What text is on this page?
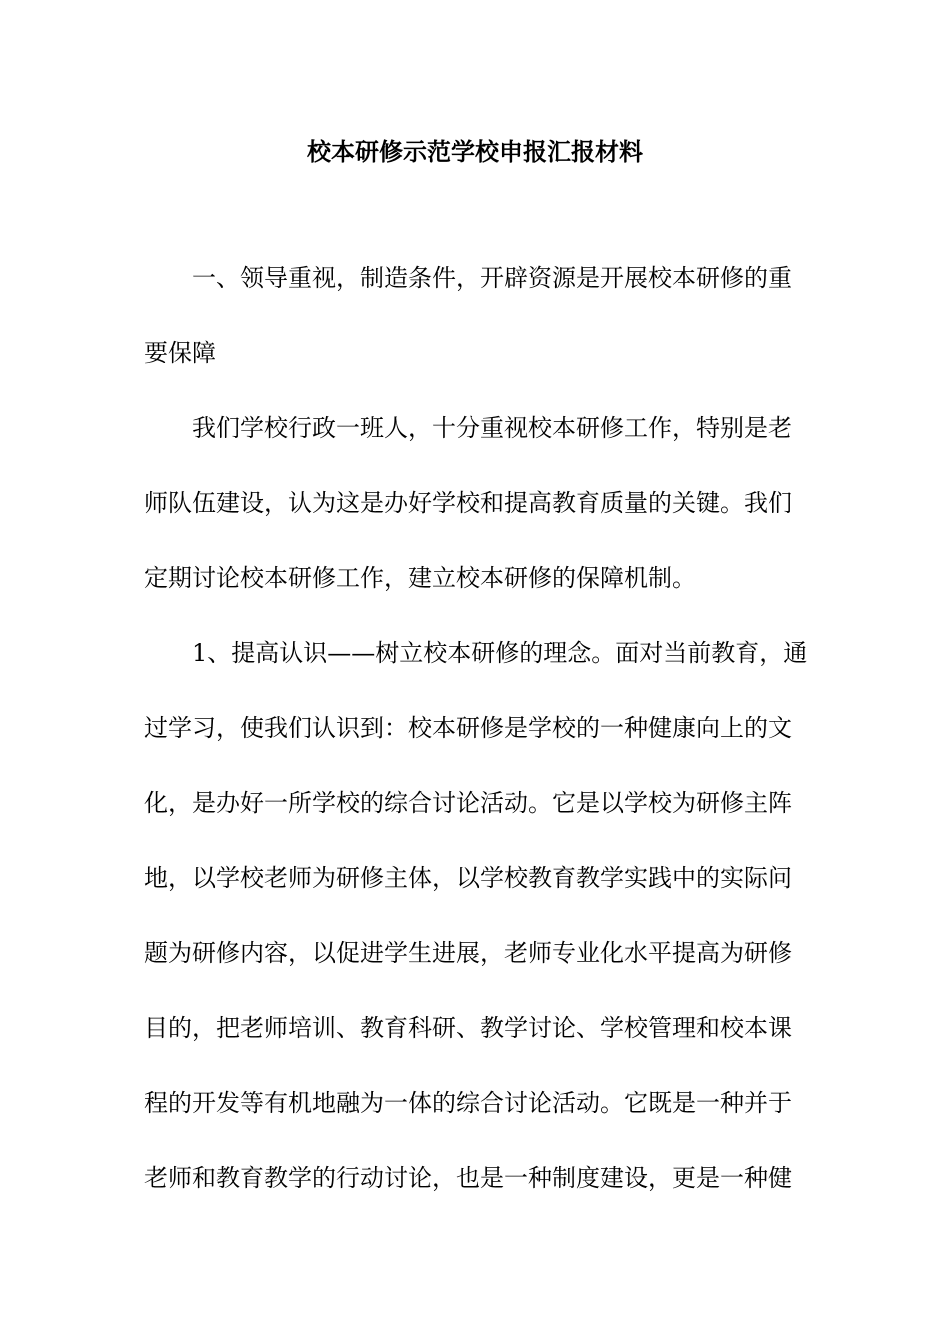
校本研修示范学校申报汇报材料
一、领导重视，制造条件，开辟资源是开展校本研修的重
要保障
我们学校行政一班人，十分重视校本研修工作，特别是老
师队伍建设，认为这是办好学校和提高教育质量的关键。我们
定期讨论校本研修工作，建立校本研修的保障机制。
1、提高认识——树立校本研修的理念。面对当前教育，通
过学习，使我们认识到：校本研修是学校的一种健康向上的文
化，是办好一所学校的综合讨论活动。它是以学校为研修主阵
地，以学校老师为研修主体，以学校教育教学实践中的实际问
题为研修内容，以促进学生进展，老师专业化水平提高为研修
目的，把老师培训、教育科研、教学讨论、学校管理和校本课
程的开发等有机地融为一体的综合讨论活动。它既是一种并于
老师和教育教学的行动讨论，也是一种制度建设，更是一种健
